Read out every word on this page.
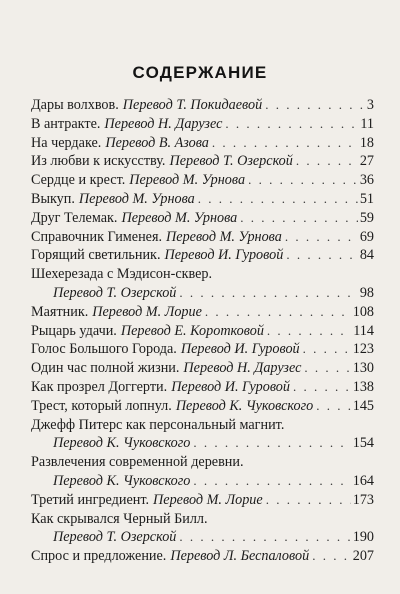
СОДЕРЖАНИЕ
Дары волхвов. Перевод Т. Покидаевой . . .	3
В антракте. Перевод Н. Дарузес . . .	11
На чердаке. Перевод В. Азова . . .	18
Из любви к искусству. Перевод Т. Озерской . . .	27
Сердце и крест. Перевод М. Урнова . . .	36
Выкуп. Перевод М. Урнова . . .	51
Друг Телемак. Перевод М. Урнова . . .	59
Справочник Гименея. Перевод М. Урнова . . .	69
Горящий светильник. Перевод И. Гуровой . . .	84
Шехерезада с Мэдисон-сквер.
Перевод Т. Озерской . . .	98
Маятник. Перевод М. Лорие . . .	108
Рыцарь удачи. Перевод Е. Коротковой . . .	114
Голос Большого Города. Перевод И. Гуровой . . .	123
Один час полной жизни. Перевод Н. Дарузес . . .	130
Как прозрел Доггерти. Перевод И. Гуровой . . .	138
Трест, который лопнул. Перевод К. Чуковского . . .	145
Джефф Питерс как персональный магнит.
Перевод К. Чуковского . . .	154
Развлечения современной деревни.
Перевод К. Чуковского . . .	164
Третий ингредиент. Перевод М. Лорие . . .	173
Как скрывался Черный Билл.
Перевод Т. Озерской . . .	190
Спрос и предложение. Перевод Л. Беспаловой . . .	207
